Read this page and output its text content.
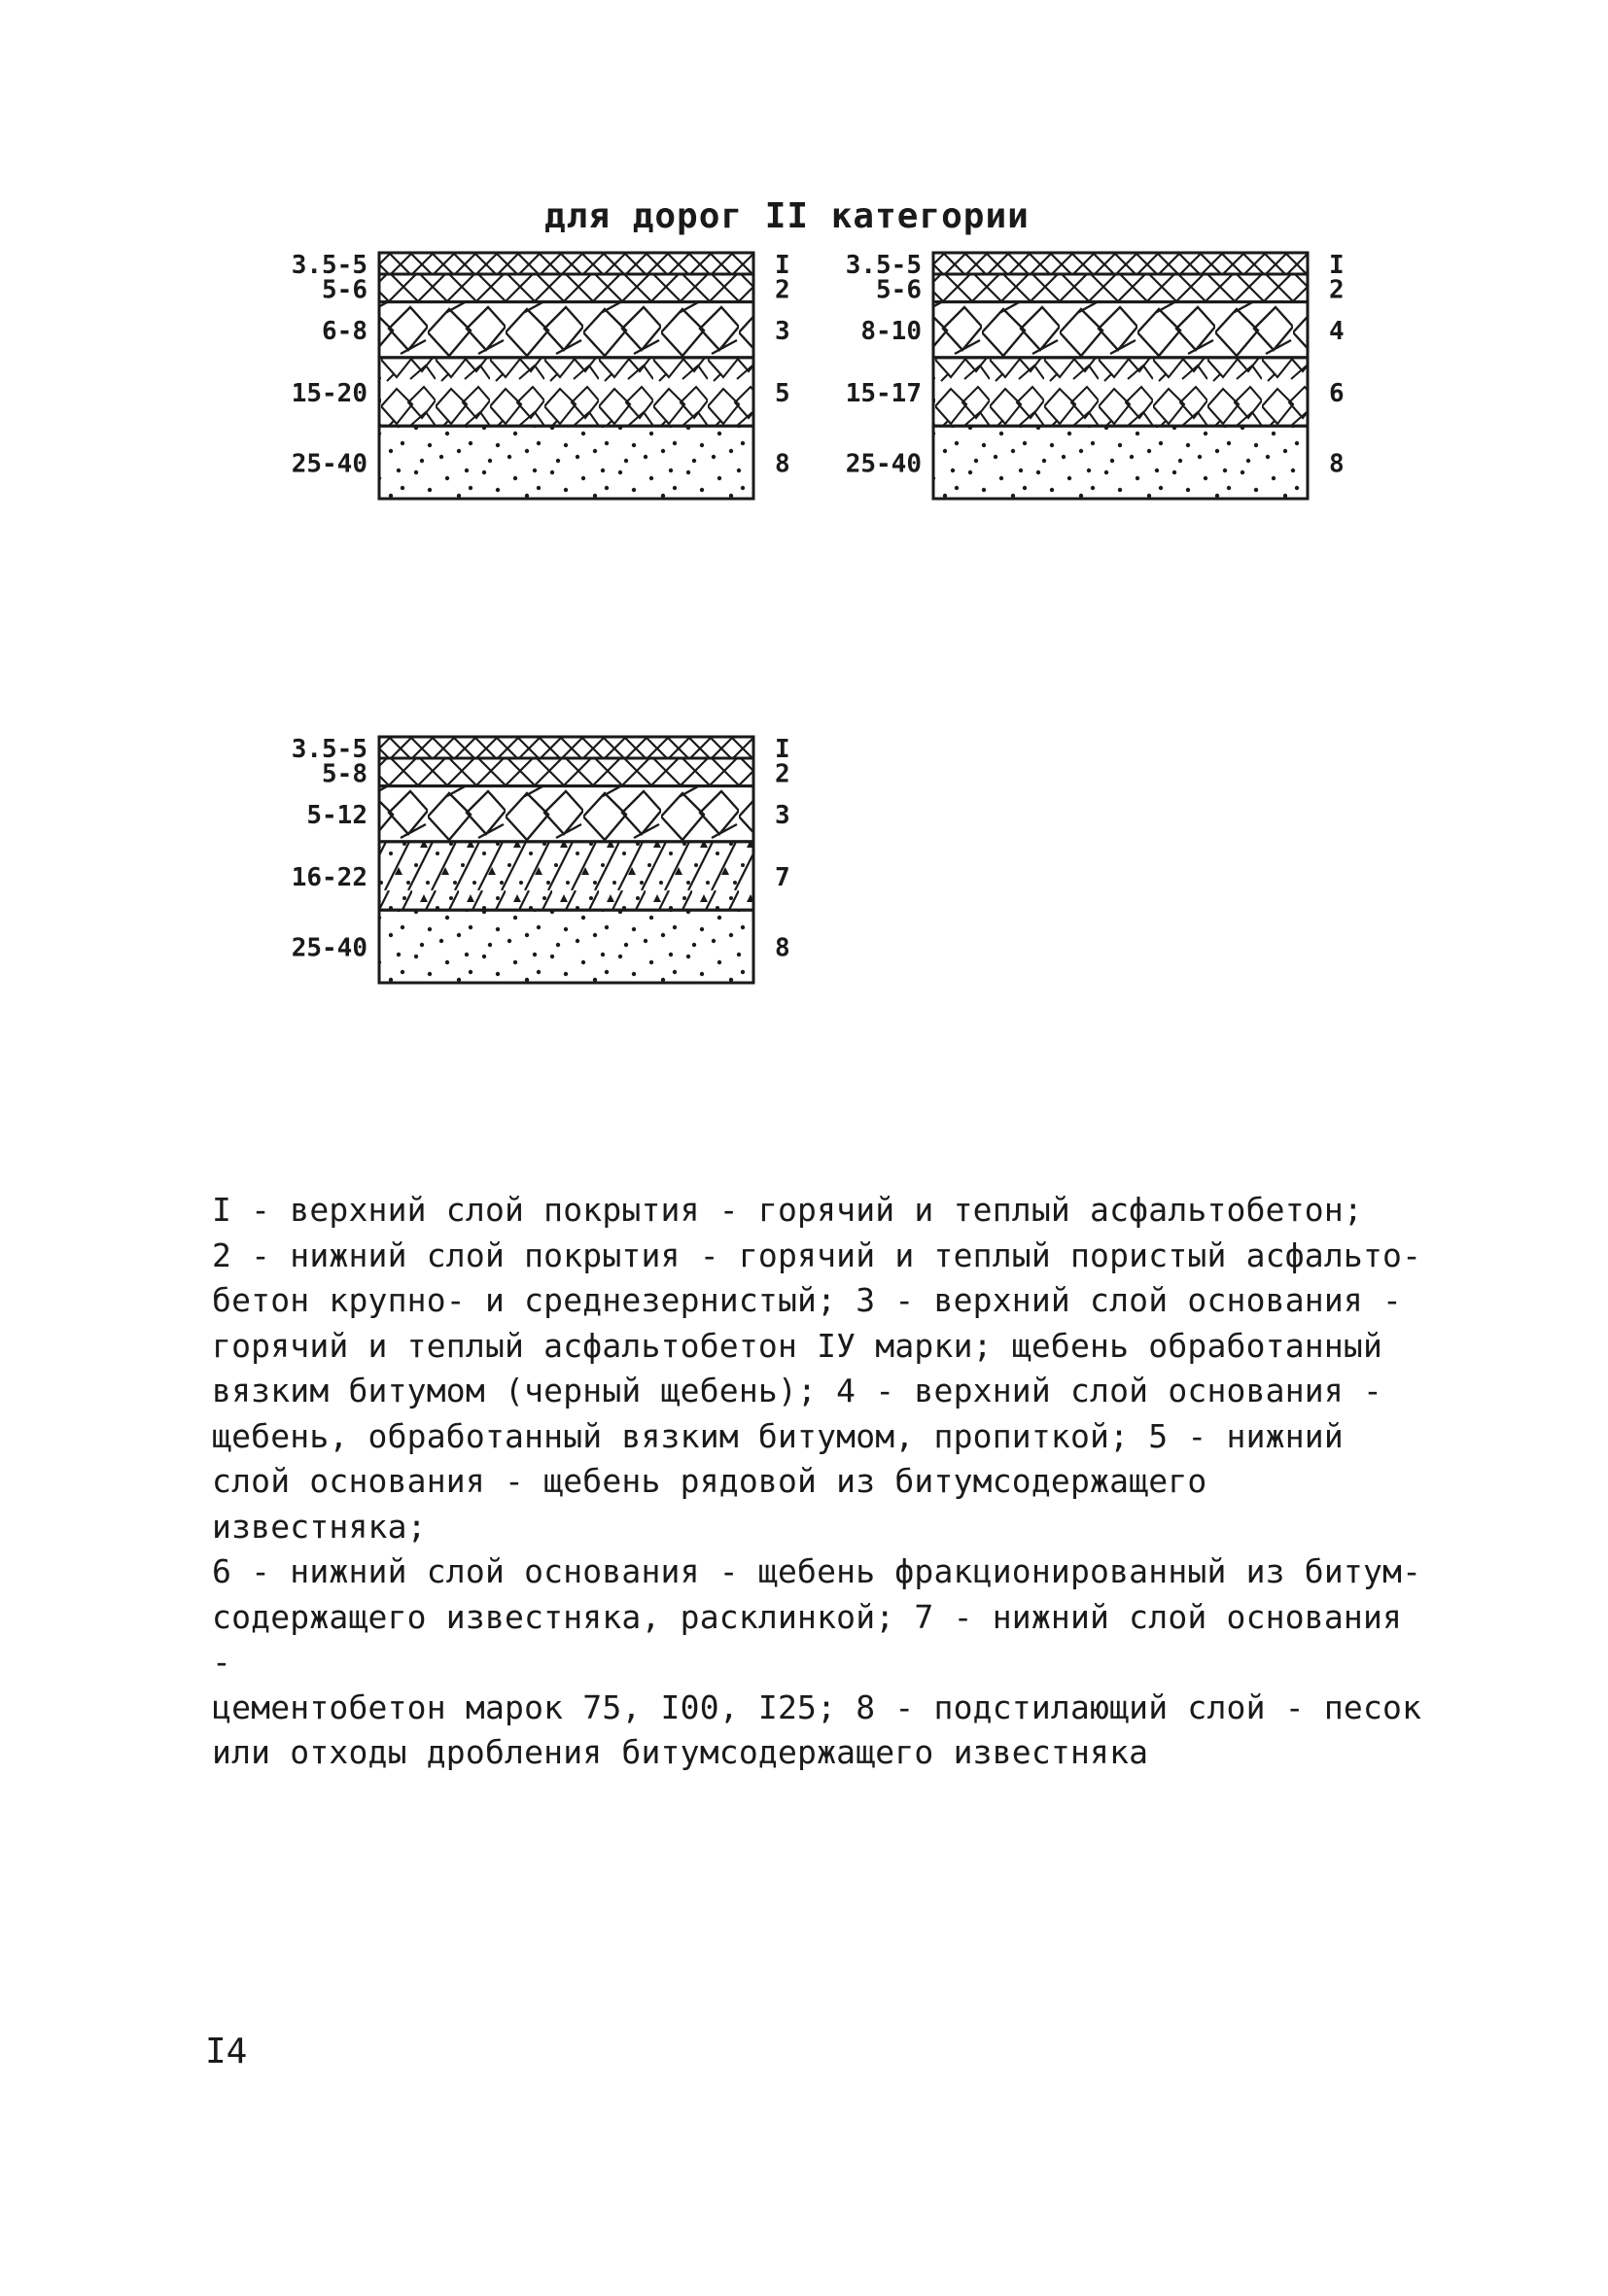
для дорог II категории
3.5-5	I
5-6	2
6-8	3
15-20	5
25-40	8
3.5-5	I
5-6	2
8-10	4
15-17	6
25-40	8
3.5-5	I
5-8	2
5-12	3
16-22	7
25-40	8
I - верхний слой покрытия - горячий и теплый асфальтобетон;
2 - нижний слой покрытия - горячий и теплый пористый асфальто-
бетон крупно- и среднезернистый; 3 - верхний слой основания -
горячий и теплый асфальтобетон IУ марки; щебень обработанный
вязким битумом (черный щебень); 4 - верхний слой основания -
щебень, обработанный вязким битумом, пропиткой; 5 - нижний
слой основания - щебень рядовой из битумсодержащего известняка;
6 - нижний слой основания - щебень фракционированный из битум-
содержащего известняка, расклинкой; 7 - нижний слой основания -
цементобетон марок 75, I00, I25; 8 - подстилающий слой - песок
или отходы дробления битумсодержащего известняка
I4
